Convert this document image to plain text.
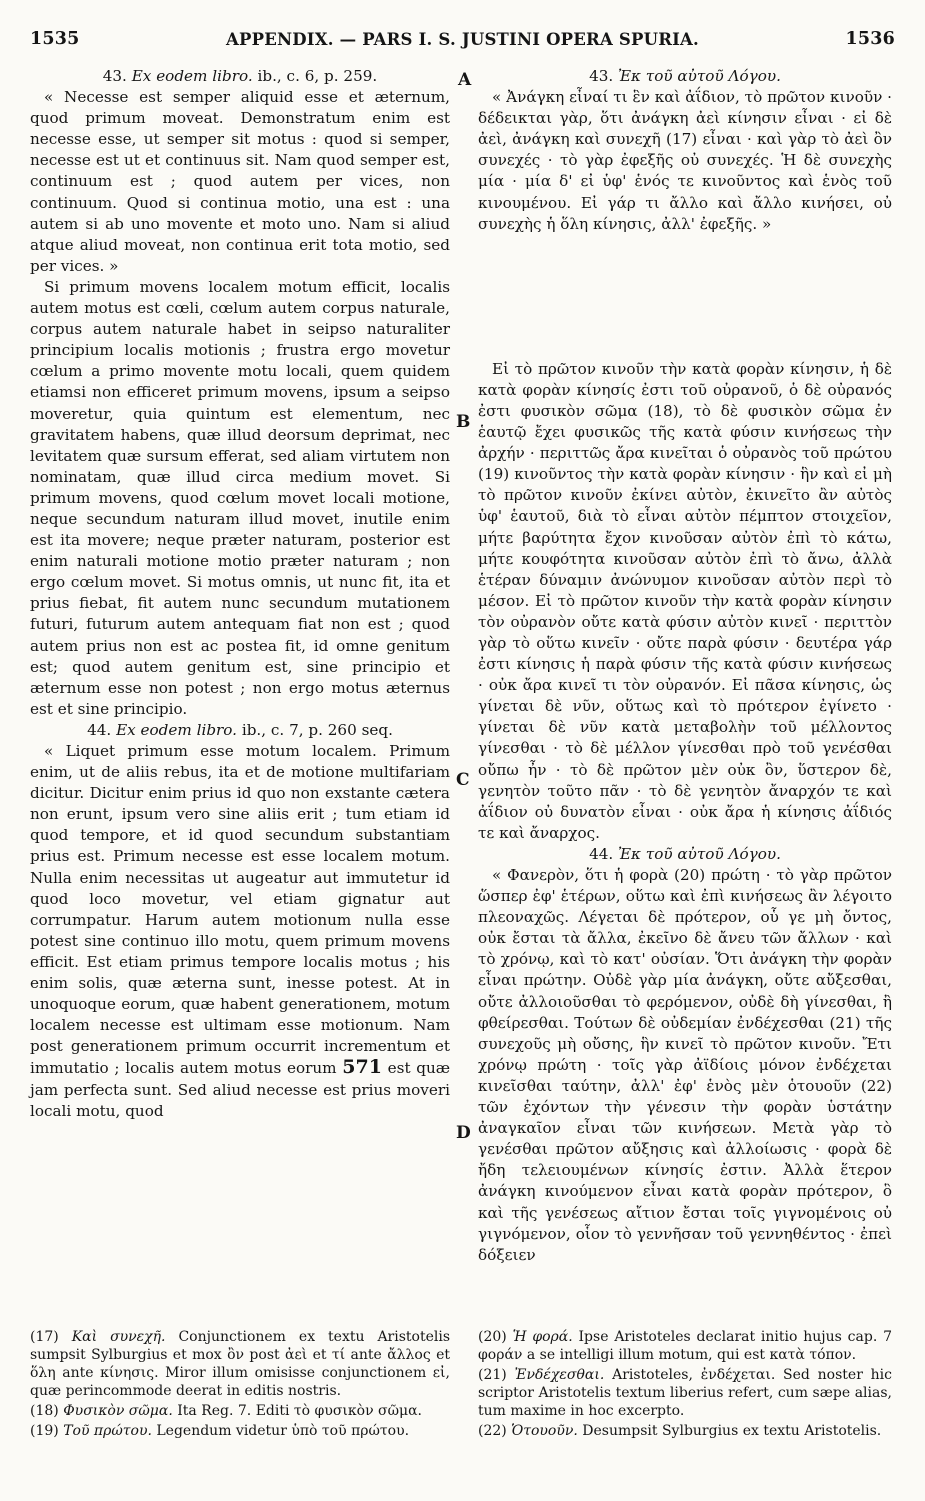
1535	APPENDIX. — PARS I. S. JUSTINI OPERA SPURIA.	1536
A
B
C
D

43. Ex eodem libro. ib., c. 6, p. 259.

« Necesse est semper aliquid esse et æternum, quod primum moveat. Demonstratum enim est necesse esse, ut semper sit motus : quod si semper, necesse est ut et continuus sit. Nam quod semper est, continuum est ; quod autem per vices, non continuum. Quod si continua motio, una est : una autem si ab uno movente et moto uno. Nam si aliud atque aliud moveat, non continua erit tota motio, sed per vices. »

Si primum movens localem motum efficit, localis autem motus est cœli, cœlum autem corpus naturale, corpus autem naturale habet in seipso naturaliter principium localis motionis ; frustra ergo movetur cœlum a primo movente motu locali, quem quidem etiamsi non efficeret primum movens, ipsum a seipso moveretur, quia quintum est elementum, nec gravitatem habens, quæ illud deorsum deprimat, nec levitatem quæ sursum efferat, sed aliam virtutem non nominatam, quæ illud circa medium movet. Si primum movens, quod cœlum movet locali motione, neque secundum naturam illud movet, inutile enim est ita movere; neque præter naturam, posterior est enim naturali motione motio præter naturam ; non ergo cœlum movet. Si motus omnis, ut nunc fit, ita et prius fiebat, fit autem nunc secundum mutationem futuri, futurum autem antequam fiat non est ; quod autem prius non est ac postea fit, id omne genitum est; quod autem genitum est, sine principio et æternum esse non potest ; non ergo motus æternus est et sine principio.

44. Ex eodem libro. ib., c. 7, p. 260 seq.

« Liquet primum esse motum localem. Primum enim, ut de aliis rebus, ita et de motione multifariam dicitur. Dicitur enim prius id quo non exstante cætera non erunt, ipsum vero sine aliis erit ; tum etiam id quod tempore, et id quod secundum substantiam prius est. Primum necesse est esse localem motum. Nulla enim necessitas ut augeatur aut immutetur id quod loco movetur, vel etiam gignatur aut corrumpatur. Harum autem motionum nulla esse potest sine continuo illo motu, quem primum movens efficit. Est etiam primus tempore localis motus ; his enim solis, quæ æterna sunt, inesse potest. At in unoquoque eorum, quæ habent generationem, motum localem necesse est ultimam esse motionum. Nam post generationem primum occurrit incrementum et immutatio ; localis autem motus eorum 571 est quæ jam perfecta sunt. Sed aliud necesse est prius moveri locali motu, quod

43. Ἐκ τοῦ αὐτοῦ Λόγου.

« Ἀνάγκη εἶναί τι ἓν καὶ ἀΐδιον, τὸ πρῶτον κινοῦν · δέδεικται γὰρ, ὅτι ἀνάγκη ἀεὶ κίνησιν εἶναι · εἰ δὲ ἀεὶ, ἀνάγκη καὶ συνεχῆ (17) εἶναι · καὶ γὰρ τὸ ἀεὶ ὂν συνεχές · τὸ γὰρ ἐφεξῆς οὐ συνεχές. Ἡ δὲ συνεχὴς μία · μία δ' εἰ ὑφ' ἑνός τε κινοῦντος καὶ ἑνὸς τοῦ κινουμένου. Εἰ γάρ τι ἄλλο καὶ ἄλλο κινήσει, οὐ συνεχὴς ἡ ὅλη κίνησις, ἀλλ' ἐφεξῆς. »

Εἰ τὸ πρῶτον κινοῦν τὴν κατὰ φορὰν κίνησιν, ἡ δὲ κατὰ φορὰν κίνησίς ἐστι τοῦ οὐρανοῦ, ὁ δὲ οὐρανός ἐστι φυσικὸν σῶμα (18), τὸ δὲ φυσικὸν σῶμα ἐν ἑαυτῷ ἔχει φυσικῶς τῆς κατὰ φύσιν κινήσεως τὴν ἀρχήν · περιττῶς ἄρα κινεῖται ὁ οὐρανὸς τοῦ πρώτου (19) κινοῦντος τὴν κατὰ φορὰν κίνησιν · ἣν καὶ εἰ μὴ τὸ πρῶτον κινοῦν ἐκίνει αὐτὸν, ἐκινεῖτο ἂν αὐτὸς ὑφ' ἑαυτοῦ, διὰ τὸ εἶναι αὐτὸν πέμπτον στοιχεῖον, μήτε βαρύτητα ἔχον κινοῦσαν αὐτὸν ἐπὶ τὸ κάτω, μήτε κουφότητα κινοῦσαν αὐτὸν ἐπὶ τὸ ἄνω, ἀλλὰ ἑτέραν δύναμιν ἀνώνυμον κινοῦσαν αὐτὸν περὶ τὸ μέσον. Εἰ τὸ πρῶτον κινοῦν τὴν κατὰ φορὰν κίνησιν τὸν οὐρανὸν οὔτε κατὰ φύσιν αὐτὸν κινεῖ · περιττὸν γὰρ τὸ οὕτω κινεῖν · οὔτε παρὰ φύσιν · δευτέρα γάρ ἐστι κίνησις ἡ παρὰ φύσιν τῆς κατὰ φύσιν κινήσεως · οὐκ ἄρα κινεῖ τι τὸν οὐρανόν. Εἰ πᾶσα κίνησις, ὡς γίνεται δὲ νῦν, οὕτως καὶ τὸ πρότερον ἐγίνετο · γίνεται δὲ νῦν κατὰ μεταβολὴν τοῦ μέλλοντος γίνεσθαι · τὸ δὲ μέλλον γίνεσθαι πρὸ τοῦ γενέσθαι οὔπω ἦν · τὸ δὲ πρῶτον μὲν οὐκ ὂν, ὕστερον δὲ, γενητὸν τοῦτο πᾶν · τὸ δὲ γενητὸν ἄναρχόν τε καὶ ἀΐδιον οὐ δυνατὸν εἶναι · οὐκ ἄρα ἡ κίνησις ἀΐδιός τε καὶ ἄναρχος.

44. Ἐκ τοῦ αὐτοῦ Λόγου.

« Φανερὸν, ὅτι ἡ φορὰ (20) πρώτη · τὸ γὰρ πρῶτον ὥσπερ ἐφ' ἑτέρων, οὕτω καὶ ἐπὶ κινήσεως ἂν λέγοιτο πλεοναχῶς. Λέγεται δὲ πρότερον, οὗ γε μὴ ὄντος, οὐκ ἔσται τὰ ἄλλα, ἐκεῖνο δὲ ἄνευ τῶν ἄλλων · καὶ τὸ χρόνῳ, καὶ τὸ κατ' οὐσίαν. Ὅτι ἀνάγκη τὴν φορὰν εἶναι πρώτην. Οὐδὲ γὰρ μία ἀνάγκη, οὔτε αὔξεσθαι, οὔτε ἀλλοιοῦσθαι τὸ φερόμενον, οὐδὲ δὴ γίνεσθαι, ἢ φθείρεσθαι. Τούτων δὲ οὐδεμίαν ἐνδέχεσθαι (21) τῆς συνεχοῦς μὴ οὔσης, ἣν κινεῖ τὸ πρῶτον κινοῦν. Ἔτι χρόνῳ πρώτη · τοῖς γὰρ ἀϊδίοις μόνον ἐνδέχεται κινεῖσθαι ταύτην, ἀλλ' ἐφ' ἑνὸς μὲν ὁτουοῦν (22) τῶν ἐχόντων τὴν γένεσιν τὴν φορὰν ὑστάτην ἀναγκαῖον εἶναι τῶν κινήσεων. Μετὰ γὰρ τὸ γενέσθαι πρῶτον αὔξησις καὶ ἀλλοίωσις · φορὰ δὲ ἤδη τελειουμένων κίνησίς ἐστιν. Ἀλλὰ ἕτερον ἀνάγκη κινούμενον εἶναι κατὰ φορὰν πρότερον, ὃ καὶ τῆς γενέσεως αἴτιον ἔσται τοῖς γιγνομένοις οὐ γιγνόμενον, οἷον τὸ γεννῆσαν τοῦ γεννηθέντος · ἐπεὶ δόξειεν

(17) Καὶ συνεχῆ. Conjunctionem ex textu Aristotelis sumpsit Sylburgius et mox ὂν post ἀεὶ et τί ante ἄλλος et ὅλη ante κίνησις. Miror illum omisisse conjunctionem εἰ, quæ perincommode deerat in editis nostris.

(18) Φυσικὸν σῶμα. Ita Reg. 7. Editi τὸ φυσικὸν σῶμα.

(19) Τοῦ πρώτου. Legendum videtur ὑπὸ τοῦ πρώτου.

(20) Ἡ φορά. Ipse Aristoteles declarat initio hujus cap. 7 φοράν a se intelligi illum motum, qui est κατὰ τόπον.

(21) Ἐνδέχεσθαι. Aristoteles, ἐνδέχεται. Sed noster hic scriptor Aristotelis textum liberius refert, cum sæpe alias, tum maxime in hoc excerpto.

(22) Ὁτουοῦν. Desumpsit Sylburgius ex textu Aristotelis.
